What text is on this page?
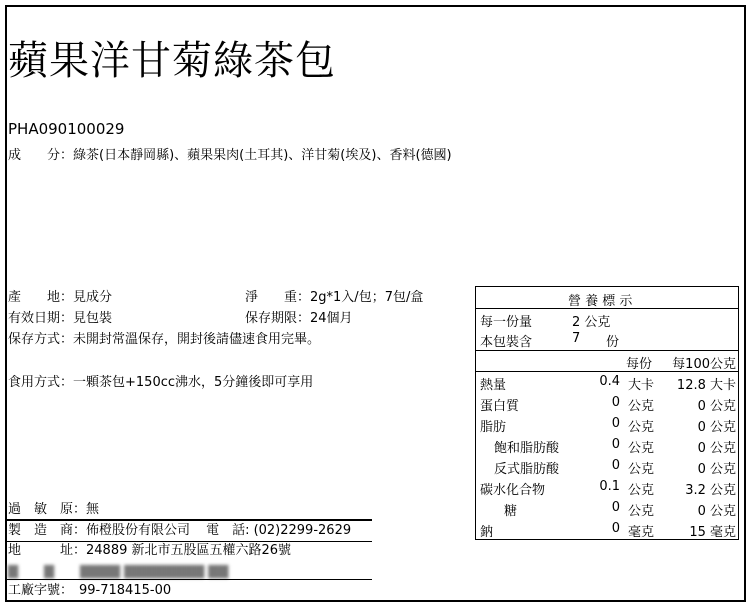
蘋果洋甘菊綠茶包
PHA090100029
成　　分：綠茶(日本靜岡縣)、蘋果果肉(土耳其)、洋甘菊(埃及)、香料(德國)
產　　地：見成分	淨　　重：2g*1入/包；7包/盒
有效日期：見包裝	保存期限：24個月
保存方式：未開封常溫保存，開封後請儘速食用完畢。
食用方式：一顆茶包+150cc沸水，5分鐘後即可享用
過　敏　原：無
製　造　商：佈橙股份有限公司 電　話: (02)2299-2629
地　　　址：24889 新北市五股區五權六路26號
▇　　▇　　▇▇▇▇ ▇▇▇▇▇▇▇▇ ▇▇
工廠字號： 99-718415-00
營 養 標 示
每一份量	2 公克
本包裝含	7 份
每份 每100公克
熱量	0.4 大卡 12.8 大卡
蛋白質	0 公克	0 公克
脂肪	0 公克	0 公克
飽和脂肪酸	0 公克	0 公克
反式脂肪酸	0 公克	0 公克
碳水化合物	0.1 公克 3.2 公克
糖	0 公克	0 公克
鈉	0 毫克	15 毫克
